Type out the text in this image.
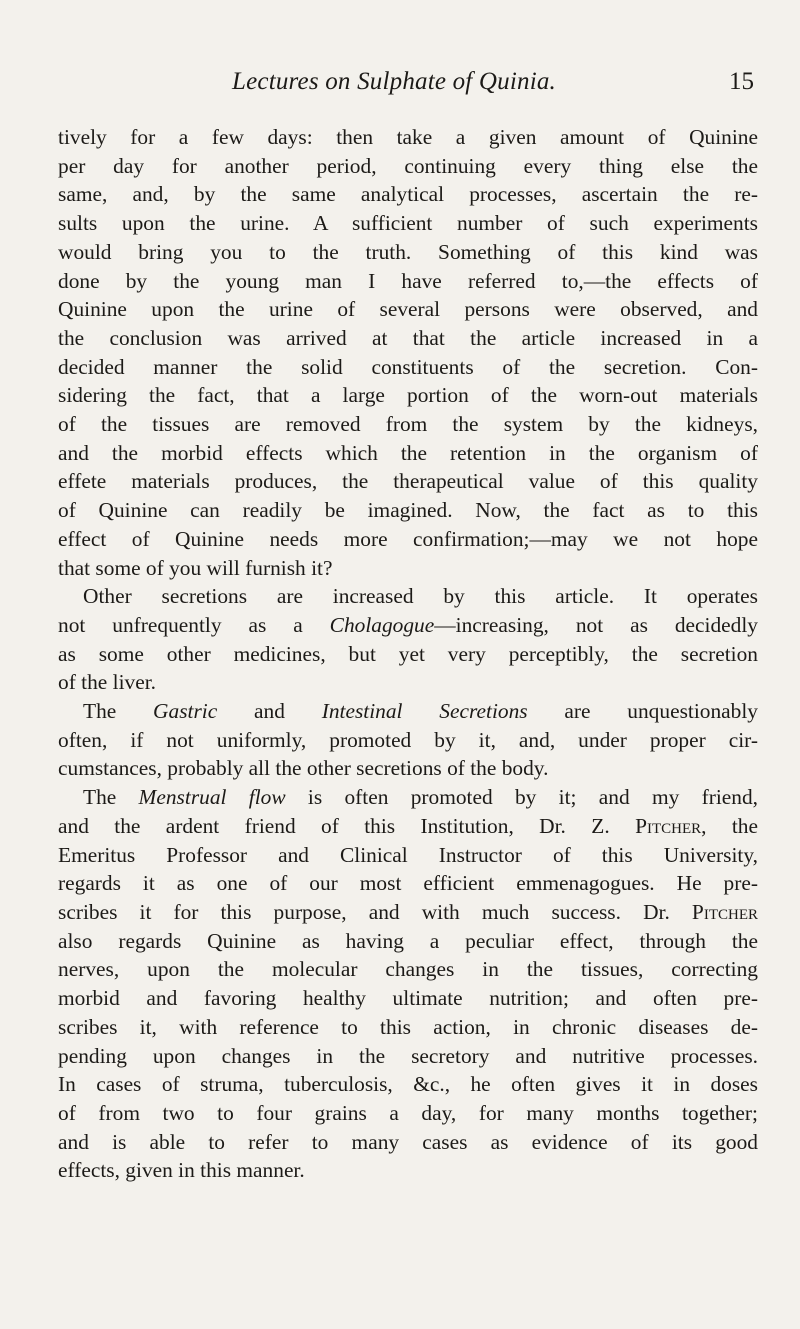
Lectures on Sulphate of Quinia.	15
tively for a few days: then take a given amount of Quinine
per day for another period, continuing every thing else the
same, and, by the same analytical processes, ascertain the re-
sults upon the urine. A sufficient number of such experiments
would bring you to the truth. Something of this kind was
done by the young man I have referred to,—the effects of
Quinine upon the urine of several persons were observed, and
the conclusion was arrived at that the article increased in a
decided manner the solid constituents of the secretion. Con-
sidering the fact, that a large portion of the worn-out materials
of the tissues are removed from the system by the kidneys,
and the morbid effects which the retention in the organism of
effete materials produces, the therapeutical value of this quality
of Quinine can readily be imagined. Now, the fact as to this
effect of Quinine needs more confirmation;—may we not hope
that some of you will furnish it?
Other secretions are increased by this article. It operates
not unfrequently as a Cholagogue—increasing, not as decidedly
as some other medicines, but yet very perceptibly, the secretion
of the liver.
The Gastric and Intestinal Secretions are unquestionably
often, if not uniformly, promoted by it, and, under proper cir-
cumstances, probably all the other secretions of the body.
The Menstrual flow is often promoted by it; and my friend,
and the ardent friend of this Institution, Dr. Z. Pitcher, the
Emeritus Professor and Clinical Instructor of this University,
regards it as one of our most efficient emmenagogues. He pre-
scribes it for this purpose, and with much success. Dr. Pitcher
also regards Quinine as having a peculiar effect, through the
nerves, upon the molecular changes in the tissues, correcting
morbid and favoring healthy ultimate nutrition; and often pre-
scribes it, with reference to this action, in chronic diseases de-
pending upon changes in the secretory and nutritive processes.
In cases of struma, tuberculosis, &c., he often gives it in doses
of from two to four grains a day, for many months together;
and is able to refer to many cases as evidence of its good
effects, given in this manner.
